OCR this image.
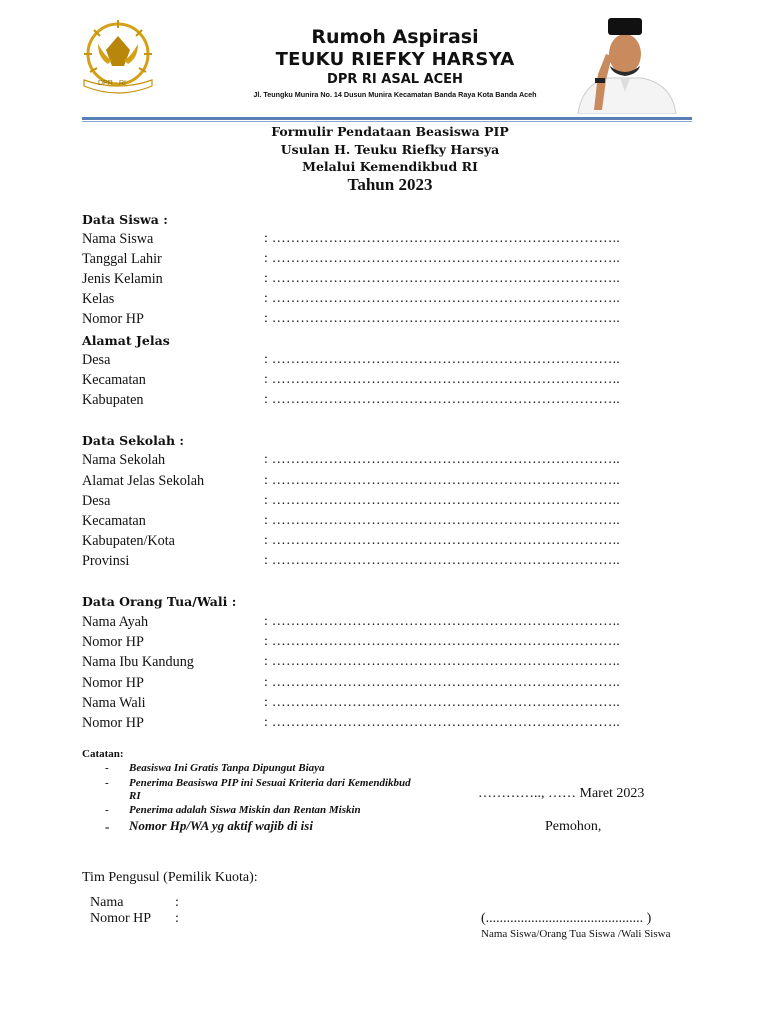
DPR - RI
Rumoh Aspirasi
TEUKU RIEFKY HARSYA
DPR RI ASAL ACEH
Jl. Teungku Munira No. 14 Dusun Munira Kecamatan Banda Raya Kota Banda Aceh
Formulir Pendataan Beasiswa PIP
Usulan H. Teuku Riefky Harsya
Melalui Kemendikbud RI
Tahun 2023
Data Siswa :
Nama Siswa	: ………………………………………………………………..
Tanggal Lahir	: ………………………………………………………………..
Jenis Kelamin	: ………………………………………………………………..
Kelas	: ………………………………………………………………..
Nomor HP	: ………………………………………………………………..
Alamat Jelas
Desa	: ………………………………………………………………..
Kecamatan	: ………………………………………………………………..
Kabupaten	: ………………………………………………………………..
Data Sekolah :
Nama Sekolah	: ………………………………………………………………..
Alamat Jelas Sekolah	: ………………………………………………………………..
Desa	: ………………………………………………………………..
Kecamatan	: ………………………………………………………………..
Kabupaten/Kota	: ………………………………………………………………..
Provinsi	: ………………………………………………………………..
Data Orang Tua/Wali :
Nama Ayah	: ………………………………………………………………..
Nomor HP	: ………………………………………………………………..
Nama Ibu Kandung	: ………………………………………………………………..
Nomor HP	: ………………………………………………………………..
Nama Wali	: ………………………………………………………………..
Nomor HP	: ………………………………………………………………..
Catatan:
- Beasiswa Ini Gratis Tanpa Dipungut Biaya
- Penerima Beasiswa PIP ini Sesuai Kriteria dari Kemendikbud RI
- Penerima adalah Siswa Miskin dan Rentan Miskin
- Nomor Hp/WA yg aktif wajib di isi
………….., …… Maret 2023
Pemohon,
Tim Pengusul (Pemilik Kuota):
Nama	:
Nomor HP :	(............................................. )
Nama Siswa/Orang Tua Siswa /Wali Siswa
